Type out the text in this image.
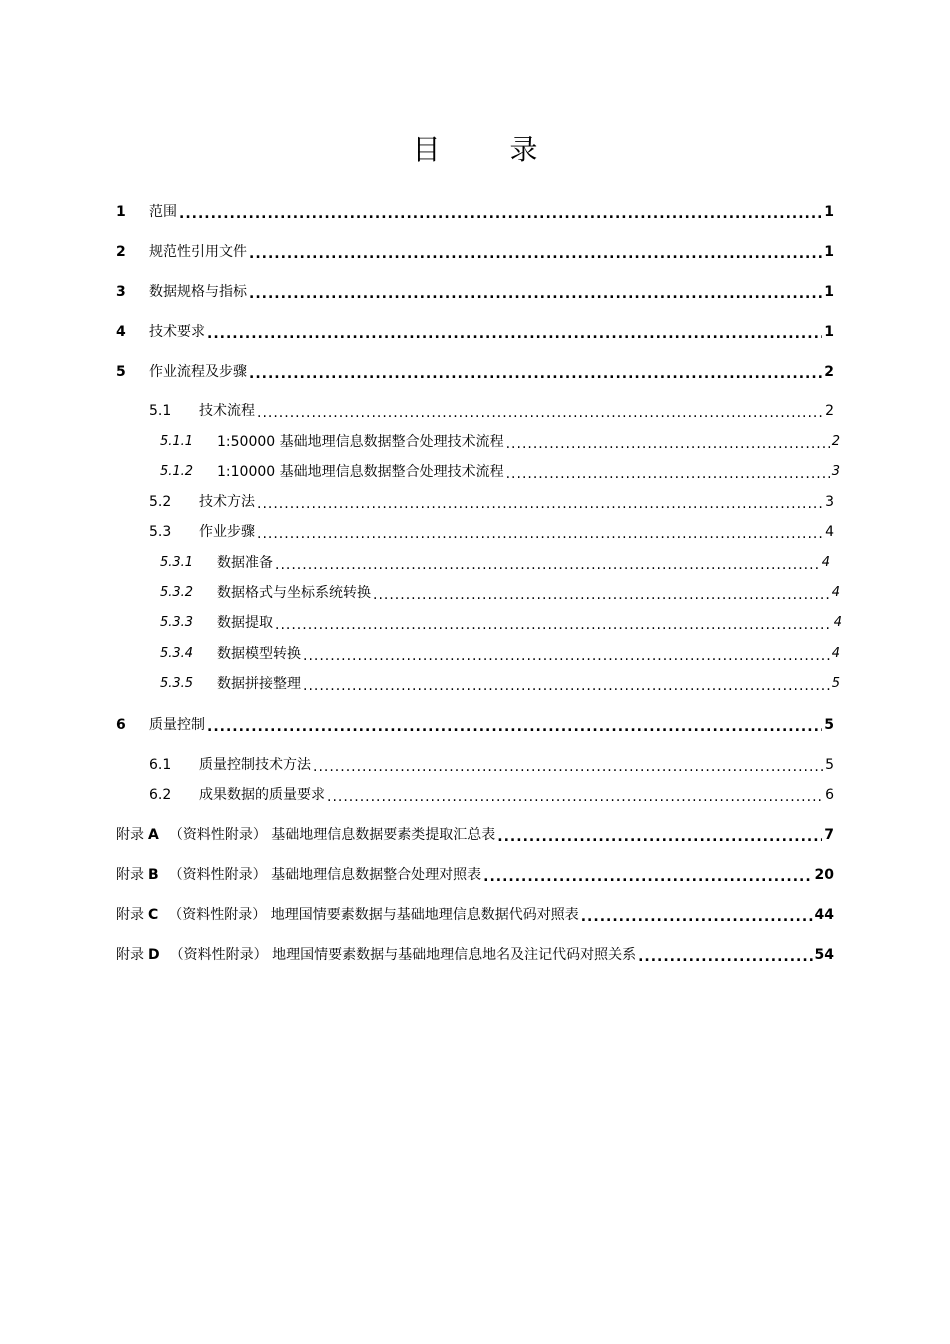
目 录
1	范围 .....	1
2	规范性引用文件 .....	1
3	数据规格与指标 .....	1
4	技术要求 .....	1
5	作业流程及步骤 .....	2
5.1	技术流程 .....	2
5.1.1	1:50000 基础地理信息数据整合处理技术流程 .....	2
5.1.2	1:10000 基础地理信息数据整合处理技术流程 .....	3
5.2	技术方法 .....	3
5.3	作业步骤 .....	4
5.3.1	数据准备 .....	4
5.3.2	数据格式与坐标系统转换 .....	4
5.3.3	数据提取 .....	4
5.3.4	数据模型转换 .....	4
5.3.5	数据拼接整理 .....	5
6	质量控制 .....	5
6.1	质量控制技术方法 .....	5
6.2	成果数据的质量要求 .....	6
附录 A （资料性附录） 基础地理信息数据要素类提取汇总表 .....	7
附录 B （资料性附录） 基础地理信息数据整合处理对照表 .....	20
附录 C （资料性附录） 地理国情要素数据与基础地理信息数据代码对照表 .....	44
附录 D （资料性附录） 地理国情要素数据与基础地理信息地名及注记代码对照关系 .....	54
